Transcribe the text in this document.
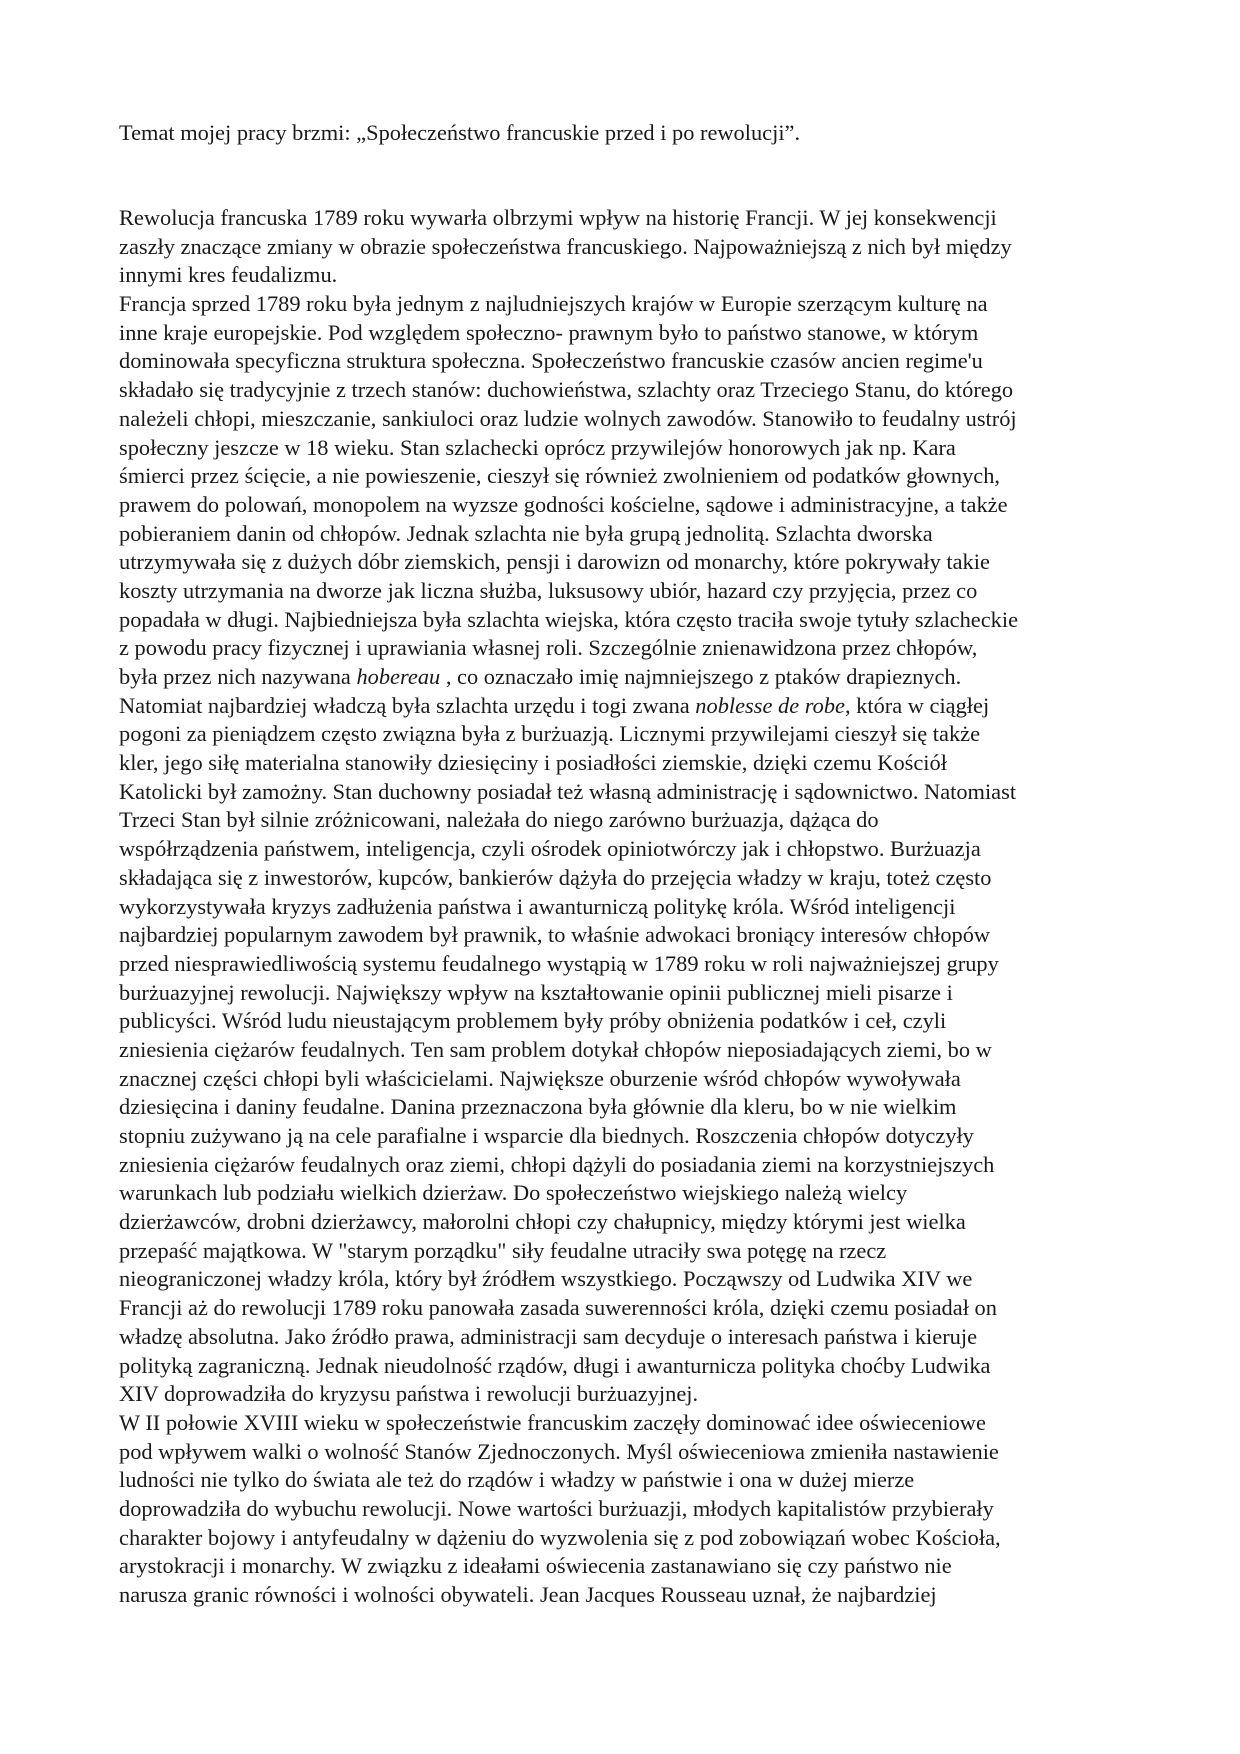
Temat mojej pracy brzmi: „Społeczeństwo francuskie przed i po rewolucji”.
Rewolucja francuska 1789 roku wywarła olbrzymi wpływ na historię Francji. W jej konsekwencji
zaszły znaczące zmiany w obrazie społeczeństwa francuskiego. Najpoważniejszą z nich był między
innymi kres feudalizmu.
Francja sprzed 1789 roku była jednym z najludniejszych krajów w Europie szerzącym kulturę na
inne kraje europejskie. Pod względem społeczno- prawnym było to państwo stanowe, w którym
dominowała specyficzna struktura społeczna. Społeczeństwo francuskie czasów ancien regime'u
składało się tradycyjnie z trzech stanów: duchowieństwa, szlachty oraz Trzeciego Stanu, do którego
należeli chłopi, mieszczanie, sankiuloci oraz ludzie wolnych zawodów. Stanowiło to feudalny ustrój
społeczny jeszcze w 18 wieku. Stan szlachecki oprócz przywilejów honorowych jak np. Kara
śmierci przez ścięcie, a nie powieszenie, cieszył się również zwolnieniem od podatków głownych,
prawem do polowań, monopolem na wyzsze godności kościelne, sądowe i administracyjne, a także
pobieraniem danin od chłopów. Jednak szlachta nie była grupą jednolitą. Szlachta dworska
utrzymywała się z dużych dóbr ziemskich, pensji i darowizn od monarchy, które pokrywały takie
koszty utrzymania na dworze jak liczna służba, luksusowy ubiór, hazard czy przyjęcia, przez co
popadała w długi. Najbiedniejsza była szlachta wiejska, która często traciła swoje tytuły szlacheckie
z powodu pracy fizycznej i uprawiania własnej roli. Szczególnie znienawidzona przez chłopów,
była przez nich nazywana hobereau , co oznaczało imię najmniejszego z ptaków drapieznych.
Natomiat najbardziej władczą była szlachta urzędu i togi zwana noblesse de robe, która w ciągłej
pogoni za pieniądzem często związna była z burżuazją. Licznymi przywilejami cieszył się także
kler, jego siłę materialna stanowiły dziesięciny i posiadłości ziemskie, dzięki czemu Kościół
Katolicki był zamożny. Stan duchowny posiadał też własną administrację i sądownictwo. Natomiast
Trzeci Stan był silnie zróżnicowani, należała do niego zarówno burżuazja, dążąca do
współrządzenia państwem, inteligencja, czyli ośrodek opiniotwórczy jak i chłopstwo. Burżuazja
składająca się z inwestorów, kupców, bankierów dążyła do przejęcia władzy w kraju, toteż często
wykorzystywała kryzys zadłużenia państwa i awanturniczą politykę króla. Wśród inteligencji
najbardziej popularnym zawodem był prawnik, to właśnie adwokaci broniący interesów chłopów
przed niesprawiedliwością systemu feudalnego wystąpią w 1789 roku w roli najważniejszej grupy
burżuazyjnej rewolucji. Największy wpływ na kształtowanie opinii publicznej mieli pisarze i
publicyści. Wśród ludu nieustającym problemem były próby obniżenia podatków i ceł, czyli
zniesienia ciężarów feudalnych. Ten sam problem dotykał chłopów nieposiadających ziemi, bo w
znacznej części chłopi byli właścicielami. Największe oburzenie wśród chłopów wywoływała
dziesięcina i daniny feudalne. Danina przeznaczona była głównie dla kleru, bo w nie wielkim
stopniu zużywano ją na cele parafialne i wsparcie dla biednych. Roszczenia chłopów dotyczyły
zniesienia ciężarów feudalnych oraz ziemi, chłopi dążyli do posiadania ziemi na korzystniejszych
warunkach lub podziału wielkich dzierżaw. Do społeczeństwo wiejskiego należą wielcy
dzierżawców, drobni dzierżawcy, małorolni chłopi czy chałupnicy, między którymi jest wielka
przepaść majątkowa. W "starym porządku" siły feudalne utraciły swa potęgę na rzecz
nieograniczonej władzy króla, który był źródłem wszystkiego. Począwszy od Ludwika XIV we
Francji aż do rewolucji 1789 roku panowała zasada suwerenności króla, dzięki czemu posiadał on
władzę absolutna. Jako źródło prawa, administracji sam decyduje o interesach państwa i kieruje
polityką zagraniczną. Jednak nieudolność rządów, długi i awanturnicza polityka choćby Ludwika
XIV doprowadziła do kryzysu państwa i rewolucji burżuazyjnej.
W II połowie XVIII wieku w społeczeństwie francuskim zaczęły dominować idee oświeceniowe
pod wpływem walki o wolność Stanów Zjednoczonych. Myśl oświeceniowa zmieniła nastawienie
ludności nie tylko do świata ale też do rządów i władzy w państwie i ona w dużej mierze
doprowadziła do wybuchu rewolucji. Nowe wartości burżuazji, młodych kapitalistów przybierały
charakter bojowy i antyfeudalny w dążeniu do wyzwolenia się z pod zobowiązań wobec Kościoła,
arystokracji i monarchy. W związku z ideałami oświecenia zastanawiano się czy państwo nie
narusza granic równości i wolności obywateli. Jean Jacques Rousseau uznał, że najbardziej
